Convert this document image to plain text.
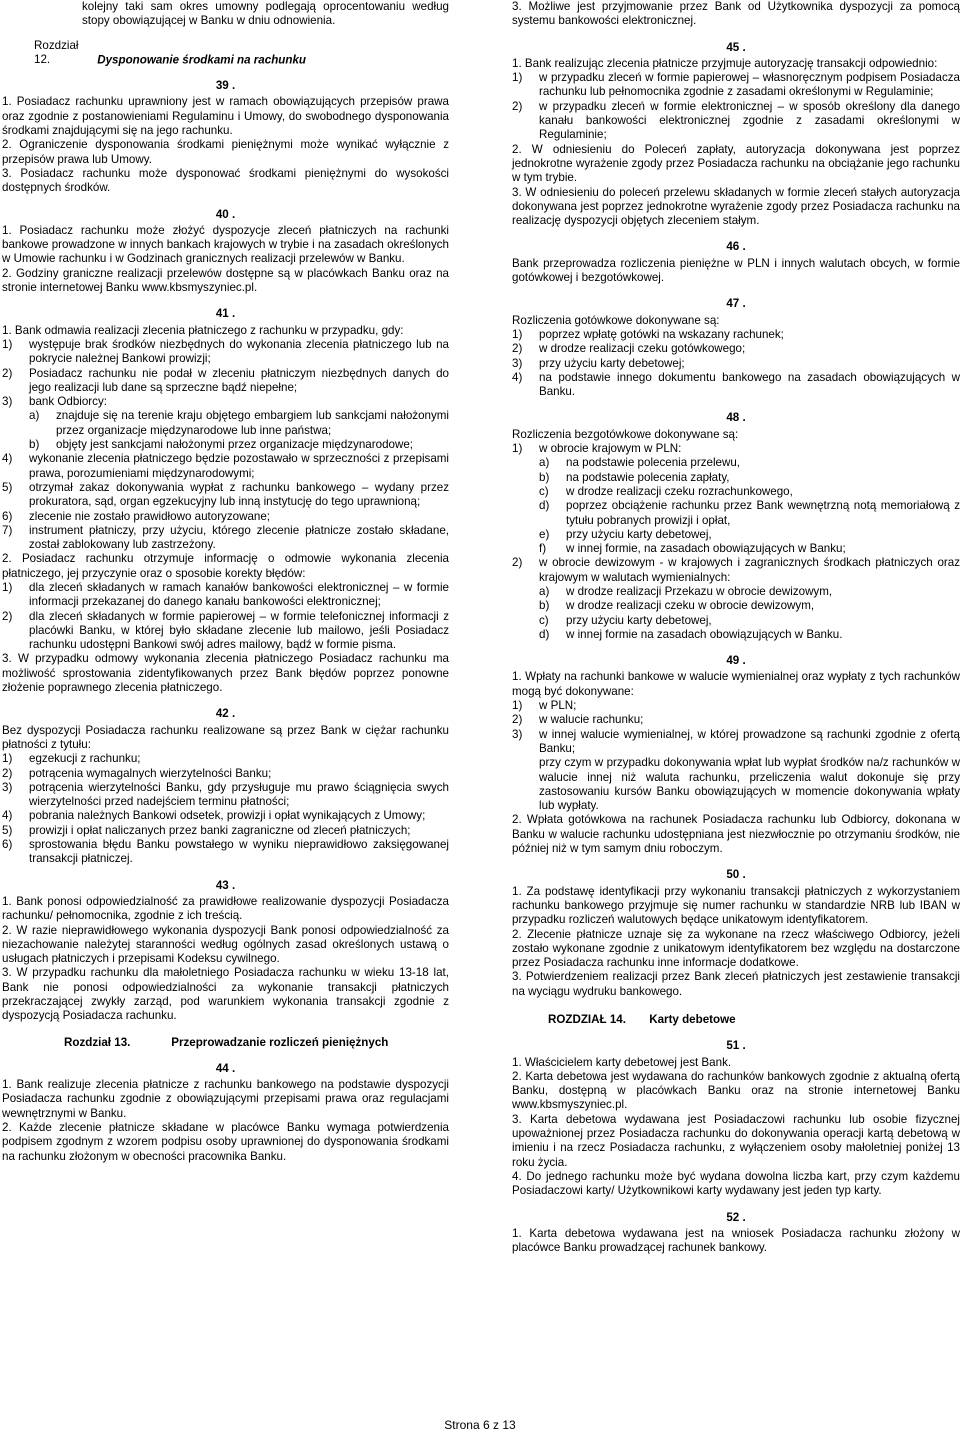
kolejny taki sam okres umowny podlegają oprocentowaniu według stopy obowiązującej w Banku w dniu odnowienia.

Rozdział 12.	Dysponowanie środkami na rachunku
39 .

1. Posiadacz rachunku uprawniony jest w ramach obowiązujących przepisów prawa oraz zgodnie z postanowieniami Regulaminu i Umowy, do swobodnego dysponowania środkami znajdującymi się na jego rachunku.

2. Ograniczenie dysponowania środkami pieniężnymi może wynikać wyłącznie z przepisów prawa lub Umowy.

3. Posiadacz rachunku może dysponować środkami pieniężnymi do wysokości dostępnych środków.

40 .

1. Posiadacz rachunku może złożyć dyspozycje zleceń płatniczych na rachunki bankowe prowadzone w innych bankach krajowych w trybie i na zasadach określonych w Umowie rachunku i w Godzinach granicznych realizacji przelewów w Banku.

2. Godziny graniczne realizacji przelewów dostępne są w placówkach Banku oraz na stronie internetowej Banku www.kbsmyszyniec.pl.

41 .

1. Bank odmawia realizacji zlecenia płatniczego z rachunku w przypadku, gdy:

1) występuje brak środków niezbędnych do wykonania zlecenia płatniczego lub na pokrycie należnej Bankowi prowizji;
2) Posiadacz rachunku nie podał w zleceniu płatniczym niezbędnych danych do jego realizacji lub dane są sprzeczne bądź niepełne;
3) bank Odbiorcy:
a) znajduje się na terenie kraju objętego embargiem lub sankcjami nałożonymi przez organizacje międzynarodowe lub inne państwa;
b) objęty jest sankcjami nałożonymi przez organizacje międzynarodowe;
4) wykonanie zlecenia płatniczego będzie pozostawało w sprzeczności z przepisami prawa, porozumieniami międzynarodowymi;
5) otrzymał zakaz dokonywania wypłat z rachunku bankowego – wydany przez prokuratora, sąd, organ egzekucyjny lub inną instytucję do tego uprawnioną;
6) zlecenie nie zostało prawidłowo autoryzowane;
7) instrument płatniczy, przy użyciu, którego zlecenie płatnicze zostało składane, został zablokowany lub zastrzeżony.

2. Posiadacz rachunku otrzymuje informację o odmowie wykonania zlecenia płatniczego, jej przyczynie oraz o sposobie korekty błędów:

1) dla zleceń składanych w ramach kanałów bankowości elektronicznej – w formie informacji przekazanej do danego kanału bankowości elektronicznej;
2) dla zleceń składanych w formie papierowej – w formie telefonicznej informacji z placówki Banku, w której było składane zlecenie lub mailowo, jeśli Posiadacz rachunku udostępni Bankowi swój adres mailowy, bądź w formie pisma.

3. W przypadku odmowy wykonania zlecenia płatniczego Posiadacz rachunku ma możliwość sprostowania zidentyfikowanych przez Bank błędów poprzez ponowne złożenie poprawnego zlecenia płatniczego.

42 .

Bez dyspozycji Posiadacza rachunku realizowane są przez Bank w ciężar rachunku płatności z tytułu:

1) egzekucji z rachunku;
2) potrącenia wymagalnych wierzytelności Banku;
3) potrącenia wierzytelności Banku, gdy przysługuje mu prawo ściągnięcia swych wierzytelności przed nadejściem terminu płatności;
4) pobrania należnych Bankowi odsetek, prowizji i opłat wynikających z Umowy;
5) prowizji i opłat naliczanych przez banki zagraniczne od zleceń płatniczych;
6) sprostowania błędu Banku powstałego w wyniku nieprawidłowo zaksięgowanej transakcji płatniczej.
43 .

1. Bank ponosi odpowiedzialność za prawidłowe realizowanie dyspozycji Posiadacza rachunku/ pełnomocnika, zgodnie z ich treścią.

2. W razie nieprawidłowego wykonania dyspozycji Bank ponosi odpowiedzialność za niezachowanie należytej staranności według ogólnych zasad określonych ustawą o usługach płatniczych i przepisami Kodeksu cywilnego.

3. W przypadku rachunku dla małoletniego Posiadacza rachunku w wieku 13-18 lat, Bank nie ponosi odpowiedzialności za wykonanie transakcji płatniczych przekraczającej zwykły zarząd, pod warunkiem wykonania transakcji zgodnie z dyspozycją Posiadacza rachunku.

Rozdział 13.	Przeprowadzanie rozliczeń pieniężnych
44 .

1. Bank realizuje zlecenia płatnicze z rachunku bankowego na podstawie dyspozycji Posiadacza rachunku zgodnie z obowiązującymi przepisami prawa oraz regulacjami wewnętrznymi w Banku.

2. Każde zlecenie płatnicze składane w placówce Banku wymaga potwierdzenia podpisem zgodnym z wzorem podpisu osoby uprawnionej do dysponowania środkami na rachunku złożonym w obecności pracownika Banku.

3. Możliwe jest przyjmowanie przez Bank od Użytkownika dyspozycji za pomocą systemu bankowości elektronicznej.

45 .

1. Bank realizując zlecenia płatnicze przyjmuje autoryzację transakcji odpowiednio:

1) w przypadku zleceń w formie papierowej – własnoręcznym podpisem Posiadacza rachunku lub pełnomocnika zgodnie z zasadami określonymi w Regulaminie;
2) w przypadku zleceń w formie elektronicznej – w sposób określony dla danego kanału bankowości elektronicznej zgodnie z zasadami określonymi w Regulaminie;

2. W odniesieniu do Poleceń zapłaty, autoryzacja dokonywana jest poprzez jednokrotne wyrażenie zgody przez Posiadacza rachunku na obciążanie jego rachunku w tym trybie.

3. W odniesieniu do poleceń przelewu składanych w formie zleceń stałych autoryzacja dokonywana jest poprzez jednokrotne wyrażenie zgody przez Posiadacza rachunku na realizację dyspozycji objętych zleceniem stałym.

46 .

Bank przeprowadza rozliczenia pieniężne w PLN i innych walutach obcych, w formie gotówkowej i bezgotówkowej.

47 .

Rozliczenia gotówkowe dokonywane są:

1) poprzez wpłatę gotówki na wskazany rachunek;
2) w drodze realizacji czeku gotówkowego;
3) przy użyciu karty debetowej;
4) na podstawie innego dokumentu bankowego na zasadach obowiązujących w Banku.
48 .

Rozliczenia bezgotówkowe dokonywane są:

1) w obrocie krajowym w PLN:
a) na podstawie polecenia przelewu,
b) na podstawie polecenia zapłaty,
c) w drodze realizacji czeku rozrachunkowego,
d) poprzez obciążenie rachunku przez Bank wewnętrzną notą memoriałową z tytułu pobranych prowizji i opłat,
e) przy użyciu karty debetowej,
f) w innej formie, na zasadach obowiązujących w Banku;
2) w obrocie dewizowym - w krajowych i zagranicznych środkach płatniczych oraz krajowym w walutach wymienialnych:
a) w drodze realizacji Przekazu w obrocie dewizowym,
b) w drodze realizacji czeku w obrocie dewizowym,
c) przy użyciu karty debetowej,
d) w innej formie na zasadach obowiązujących w Banku.
49 .

1. Wpłaty na rachunki bankowe w walucie wymienialnej oraz wypłaty z tych rachunków mogą być dokonywane:

1) w PLN;
2) w walucie rachunku;
3) w innej walucie wymienialnej, w której prowadzone są rachunki zgodnie z ofertą Banku;

przy czym w przypadku dokonywania wpłat lub wypłat środków na/z rachunków w walucie innej niż waluta rachunku, przeliczenia walut dokonuje się przy zastosowaniu kursów Banku obowiązujących w momencie dokonywania wpłaty lub wypłaty.

2. Wpłata gotówkowa na rachunek Posiadacza rachunku lub Odbiorcy, dokonana w Banku w walucie rachunku udostępniana jest niezwłocznie po otrzymaniu środków, nie później niż w tym samym dniu roboczym.

50 .

1. Za podstawę identyfikacji przy wykonaniu transakcji płatniczych z wykorzystaniem rachunku bankowego przyjmuje się numer rachunku w standardzie NRB lub IBAN w przypadku rozliczeń walutowych będące unikatowym identyfikatorem.

2. Zlecenie płatnicze uznaje się za wykonane na rzecz właściwego Odbiorcy, jeżeli zostało wykonane zgodnie z unikatowym identyfikatorem bez względu na dostarczone przez Posiadacza rachunku inne informacje dodatkowe.

3. Potwierdzeniem realizacji przez Bank zleceń płatniczych jest zestawienie transakcji na wyciągu wydruku bankowego.

ROZDZIAŁ 14. Karty debetowe
51 .

1. Właścicielem karty debetowej jest Bank.

2. Karta debetowa jest wydawana do rachunków bankowych zgodnie z aktualną ofertą Banku, dostępną w placówkach Banku oraz na stronie internetowej Banku www.kbsmyszyniec.pl.

3. Karta debetowa wydawana jest Posiadaczowi rachunku lub osobie fizycznej upoważnionej przez Posiadacza rachunku do dokonywania operacji kartą debetową w imieniu i na rzecz Posiadacza rachunku, z wyłączeniem osoby małoletniej poniżej 13 roku życia.

4. Do jednego rachunku może być wydana dowolna liczba kart, przy czym każdemu Posiadaczowi karty/ Użytkownikowi karty wydawany jest jeden typ karty.

52 .

1. Karta debetowa wydawana jest na wniosek Posiadacza rachunku złożony w placówce Banku prowadzącej rachunek bankowy.

Strona 6 z 13
